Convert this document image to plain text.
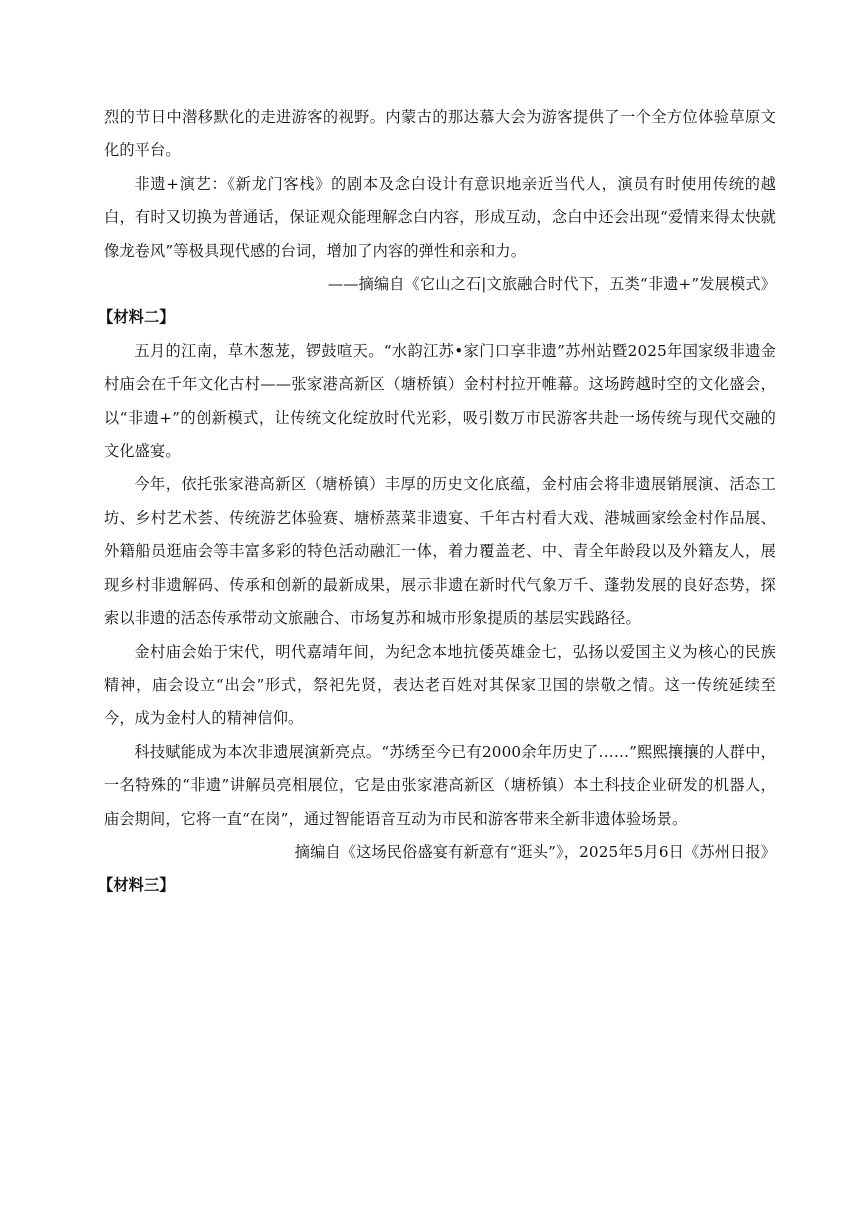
烈的节日中潜移默化的走进游客的视野。内蒙古的那达慕大会为游客提供了一个全方位体验草原文化的平台。

非遗+演艺：《新龙门客栈》的剧本及念白设计有意识地亲近当代人，演员有时使用传统的越白，有时又切换为普通话，保证观众能理解念白内容，形成互动，念白中还会出现“爱情来得太快就像龙卷风”等极具现代感的台词，增加了内容的弹性和亲和力。

——摘编自《它山之石|文旅融合时代下，五类“非遗+”发展模式》

【材料二】

五月的江南，草木葱茏，锣鼓喧天。“水韵江苏•家门口享非遗”苏州站暨2025年国家级非遗金村庙会在千年文化古村——张家港高新区（塘桥镇）金村村拉开帷幕。这场跨越时空的文化盛会，以“非遗+”的创新模式，让传统文化绽放时代光彩，吸引数万市民游客共赴一场传统与现代交融的文化盛宴。

今年，依托张家港高新区（塘桥镇）丰厚的历史文化底蕴，金村庙会将非遗展销展演、活态工坊、乡村艺术荟、传统游艺体验赛、塘桥蒸菜非遗宴、千年古村看大戏、港城画家绘金村作品展、外籍船员逛庙会等丰富多彩的特色活动融汇一体，着力覆盖老、中、青全年龄段以及外籍友人，展现乡村非遗解码、传承和创新的最新成果，展示非遗在新时代气象万千、蓬勃发展的良好态势，探索以非遗的活态传承带动文旅融合、市场复苏和城市形象提质的基层实践路径。

金村庙会始于宋代，明代嘉靖年间，为纪念本地抗倭英雄金七，弘扬以爱国主义为核心的民族精神，庙会设立“出会”形式，祭祀先贤，表达老百姓对其保家卫国的崇敬之情。这一传统延续至今，成为金村人的精神信仰。

科技赋能成为本次非遗展演新亮点。“苏绣至今已有2000余年历史了……”熙熙攘攘的人群中，一名特殊的“非遗”讲解员亮相展位，它是由张家港高新区（塘桥镇）本土科技企业研发的机器人，庙会期间，它将一直“在岗”，通过智能语音互动为市民和游客带来全新非遗体验场景。

摘编自《这场民俗盛宴有新意有“逛头”》，2025年5月6日《苏州日报》

【材料三】
